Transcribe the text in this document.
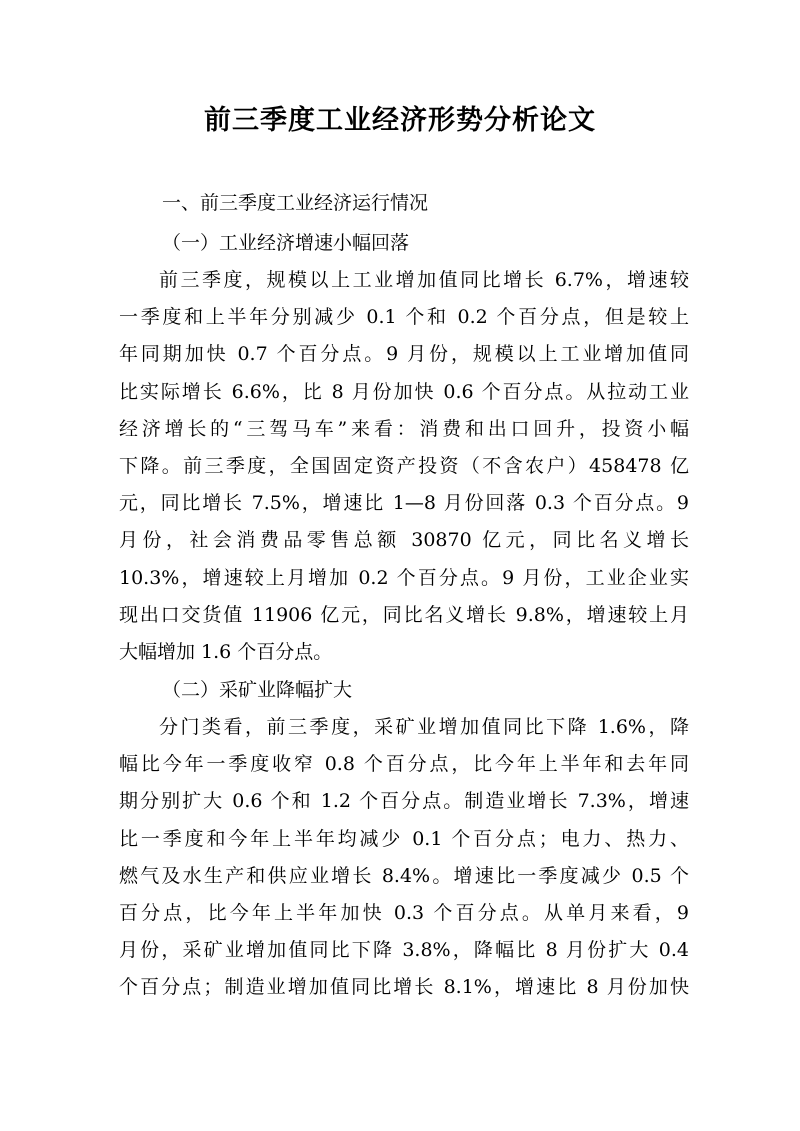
前三季度工业经济形势分析论文

一、前三季度工业经济运行情况

（一）工业经济增速小幅回落

前三季度，规模以上工业增加值同比增长 6.7%，增速较
一季度和上半年分别减少 0.1 个和 0.2 个百分点，但是较上
年同期加快 0.7 个百分点。9 月份，规模以上工业增加值同
比实际增长 6.6%，比 8 月份加快 0.6 个百分点。从拉动工业
经济增长的“三驾马车”来看：消费和出口回升，投资小幅
下降。前三季度，全国固定资产投资（不含农户）458478 亿
元，同比增长 7.5%，增速比 1—8 月份回落 0.3 个百分点。9
月份，社会消费品零售总额 30870 亿元，同比名义增长
10.3%，增速较上月增加 0.2 个百分点。9 月份，工业企业实
现出口交货值 11906 亿元，同比名义增长 9.8%，增速较上月
大幅增加 1.6 个百分点。

（二）采矿业降幅扩大

分门类看，前三季度，采矿业增加值同比下降 1.6%，降
幅比今年一季度收窄 0.8 个百分点，比今年上半年和去年同
期分别扩大 0.6 个和 1.2 个百分点。制造业增长 7.3%，增速
比一季度和今年上半年均减少 0.1 个百分点；电力、热力、
燃气及水生产和供应业增长 8.4%。增速比一季度减少 0.5 个
百分点，比今年上半年加快 0.3 个百分点。从单月来看，9
月份，采矿业增加值同比下降 3.8%，降幅比 8 月份扩大 0.4
个百分点；制造业增加值同比增长 8.1%，增速比 8 月份加快
